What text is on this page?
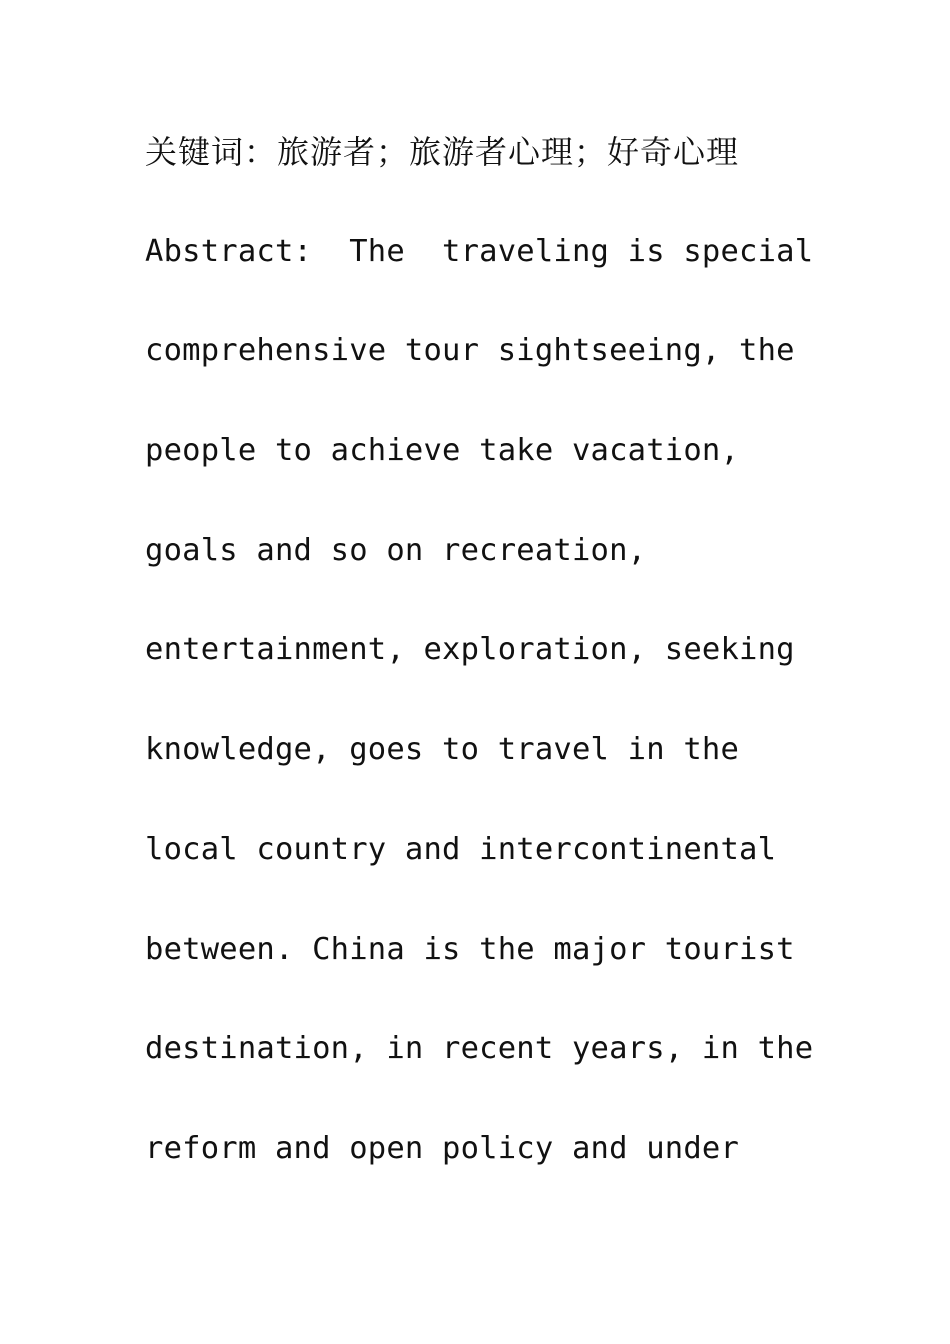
关键词：旅游者；旅游者心理；好奇心理
Abstract:  The  traveling is special
comprehensive tour sightseeing, the
people to achieve take vacation,
goals and so on recreation,
entertainment, exploration, seeking
knowledge, goes to travel in the
local country and intercontinental
between. China is the major tourist
destination, in recent years, in the
reform and open policy and under
